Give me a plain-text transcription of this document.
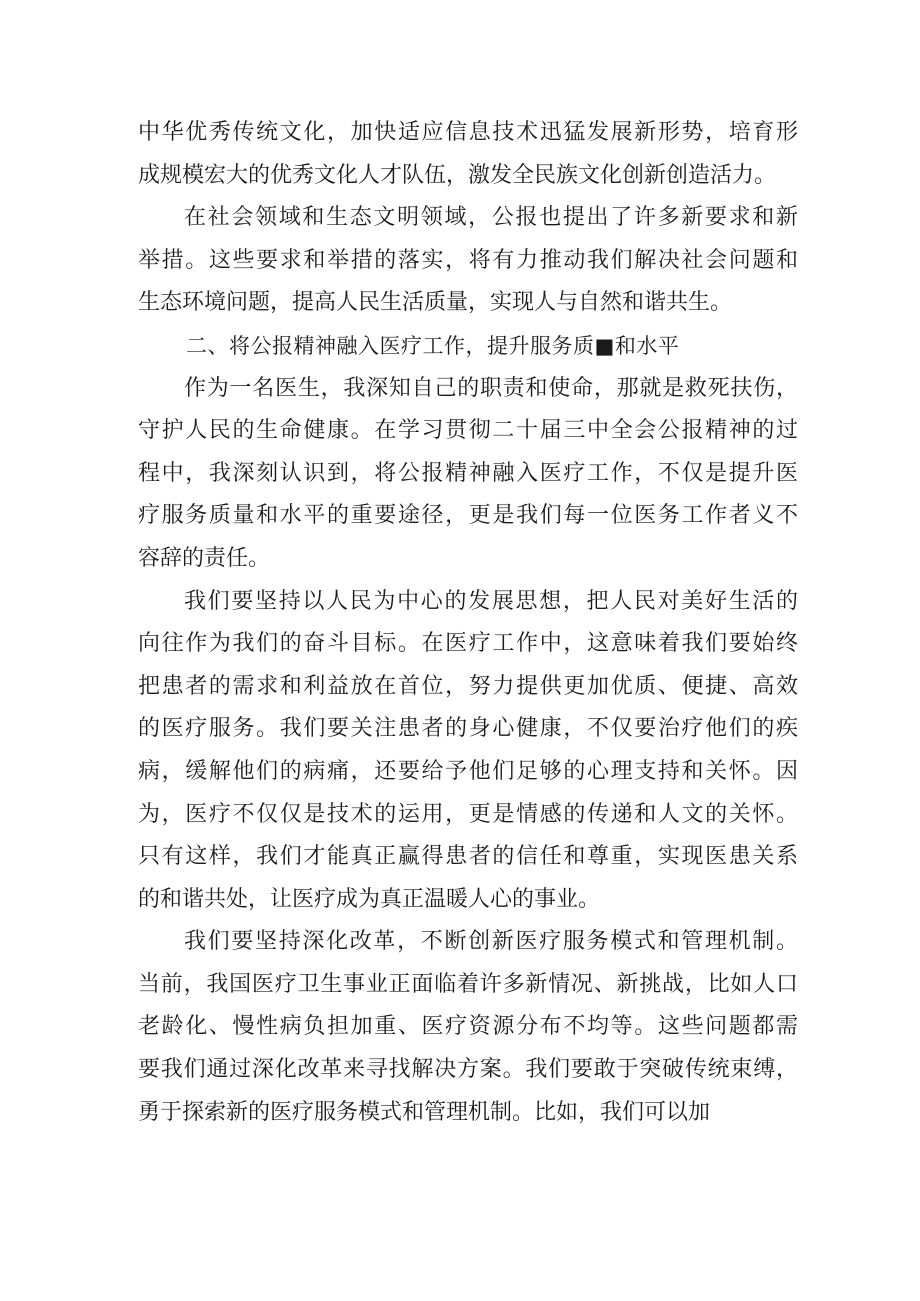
中华优秀传统文化，加快适应信息技术迅猛发展新形势，培育形
成规模宏大的优秀文化人才队伍，激发全民族文化创新创造活力。
在社会领域和生态文明领域，公报也提出了许多新要求和新
举措。这些要求和举措的落实，将有力推动我们解决社会问题和
生态环境问题，提高人民生活质量，实现人与自然和谐共生。
二、将公报精神融入医疗工作，提升服务质■和水平
作为一名医生，我深知自己的职责和使命，那就是救死扶伤，
守护人民的生命健康。在学习贯彻二十届三中全会公报精神的过
程中，我深刻认识到，将公报精神融入医疗工作，不仅是提升医
疗服务质量和水平的重要途径，更是我们每一位医务工作者义不
容辞的责任。
我们要坚持以人民为中心的发展思想，把人民对美好生活的
向往作为我们的奋斗目标。在医疗工作中，这意味着我们要始终
把患者的需求和利益放在首位，努力提供更加优质、便捷、高效
的医疗服务。我们要关注患者的身心健康，不仅要治疗他们的疾
病，缓解他们的病痛，还要给予他们足够的心理支持和关怀。因
为，医疗不仅仅是技术的运用，更是情感的传递和人文的关怀。
只有这样，我们才能真正赢得患者的信任和尊重，实现医患关系
的和谐共处，让医疗成为真正温暖人心的事业。
我们要坚持深化改革，不断创新医疗服务模式和管理机制。
当前，我国医疗卫生事业正面临着许多新情况、新挑战，比如人口
老龄化、慢性病负担加重、医疗资源分布不均等。这些问题都需
要我们通过深化改革来寻找解决方案。我们要敢于突破传统束缚，
勇于探索新的医疗服务模式和管理机制。比如，我们可以加
